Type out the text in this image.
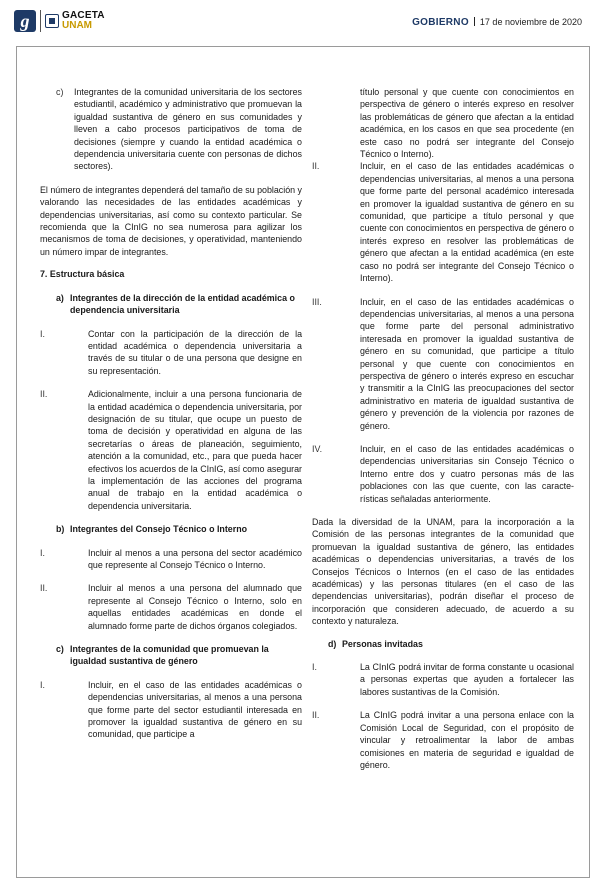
g	GACETA
UNAM	GOBIERNO 17 de noviembre de 2020
c)	Integrantes de la comunidad universitaria de los sectores estudiantil, académico y administrativo que promuevan la igualdad sustantiva de género en sus comunidades y lleven a cabo procesos participativos de toma de decisiones (siempre y cuando la entidad académica o dependencia universitaria cuente con personas de dichos sectores).

El número de integrantes dependerá del tamaño de su población y valorando las necesidades de las entidades académicas y dependencias universitarias, así como su contexto particular. Se recomienda que la CInIG no sea numerosa para agilizar los mecanismos de toma de decisiones, y operatividad, manteniendo un número impar de integrantes.

7. Estructura básica
a) Integrantes de la dirección de la entidad académica o dependencia universitaria
I.	Contar con la participación de la dirección de la entidad académica o dependencia universitaria a través de su titular o de una persona que designe en su representación.
II.	Adicionalmente, incluir a una persona funcionaria de la entidad académica o dependencia universitaria, por designación de su titular, que ocupe un puesto de toma de decisión y operatividad en alguna de las secretarías o áreas de planeación, seguimiento, atención a la comunidad, etc., para que pueda hacer efectivos los acuerdos de la CInIG, así como asegurar la implementación de las acciones del programa anual de trabajo en la entidad académica o dependencia universitaria.
b) Integrantes del Consejo Técnico o Interno
I.	Incluir al menos a una persona del sector académico que represente al Consejo Técnico o Interno.
II.	Incluir al menos a una persona del alumnado que represente al Consejo Técnico o Interno, solo en aquellas entidades académicas en donde el alumnado forme parte de dichos órganos colegiados.
c) Integrantes de la comunidad que promuevan la igualdad sustantiva de género
I.	Incluir, en el caso de las entidades académicas o dependencias universitarias, al menos a una persona que forme parte del sector estudiantil interesada en promover la igualdad sustantiva de género en su comunidad, que participe a

título personal y que cuente con conocimientos en perspectiva de género o interés expreso en resolver las problemáticas de género que afectan a la entidad académica, en los casos en que sea procedente (en este caso no podrá ser integrante del Consejo Técnico o Interno).

II.	Incluir, en el caso de las entidades académicas o dependencias universitarias, al menos a una persona que forme parte del personal académico interesada en promover la igualdad sustantiva de género en su comunidad, que participe a título personal y que cuente con conocimientos en perspectiva de género o interés expreso en resolver las problemáticas de género que afectan a la entidad académica (en este caso no podrá ser integrante del Consejo Técnico o Interno).
III.	Incluir, en el caso de las entidades académicas o dependencias universitarias, al menos a una persona que forme parte del personal administrativo interesada en promover la igualdad sustantiva de género en su comunidad, que participe a título personal y que cuente con conocimientos en perspectiva de género o interés expreso en escuchar y transmitir a la CInIG las preocupaciones del sector administrativo en materia de igualdad sustantiva de género y prevención de la violencia por razones de género.
IV.	Incluir, en el caso de las entidades académicas o dependencias universitarias sin Consejo Técnico o Interno entre dos y cuatro personas más de las poblaciones con las que cuente, con las caracte-rísticas señaladas anteriormente.

Dada la diversidad de la UNAM, para la incorporación a la Comisión de las personas integrantes de la comunidad que promuevan la igualdad sustantiva de género, las entidades académicas o dependencias universitarias, a través de los Consejos Técnicos o Internos (en el caso de las entidades académicas) y las personas titulares (en el caso de las dependencias universitarias), podrán diseñar el proceso de incorporación que consideren adecuado, de acuerdo a su contexto y naturaleza.

d) Personas invitadas
I.	La CInIG podrá invitar de forma constante u ocasional a personas expertas que ayuden a fortalecer las labores sustantivas de la Comisión.
II.	La CInIG podrá invitar a una persona enlace con la Comisión Local de Seguridad, con el propósito de vincular y retroalimentar la labor de ambas comisiones en materia de seguridad e igualdad de género.
